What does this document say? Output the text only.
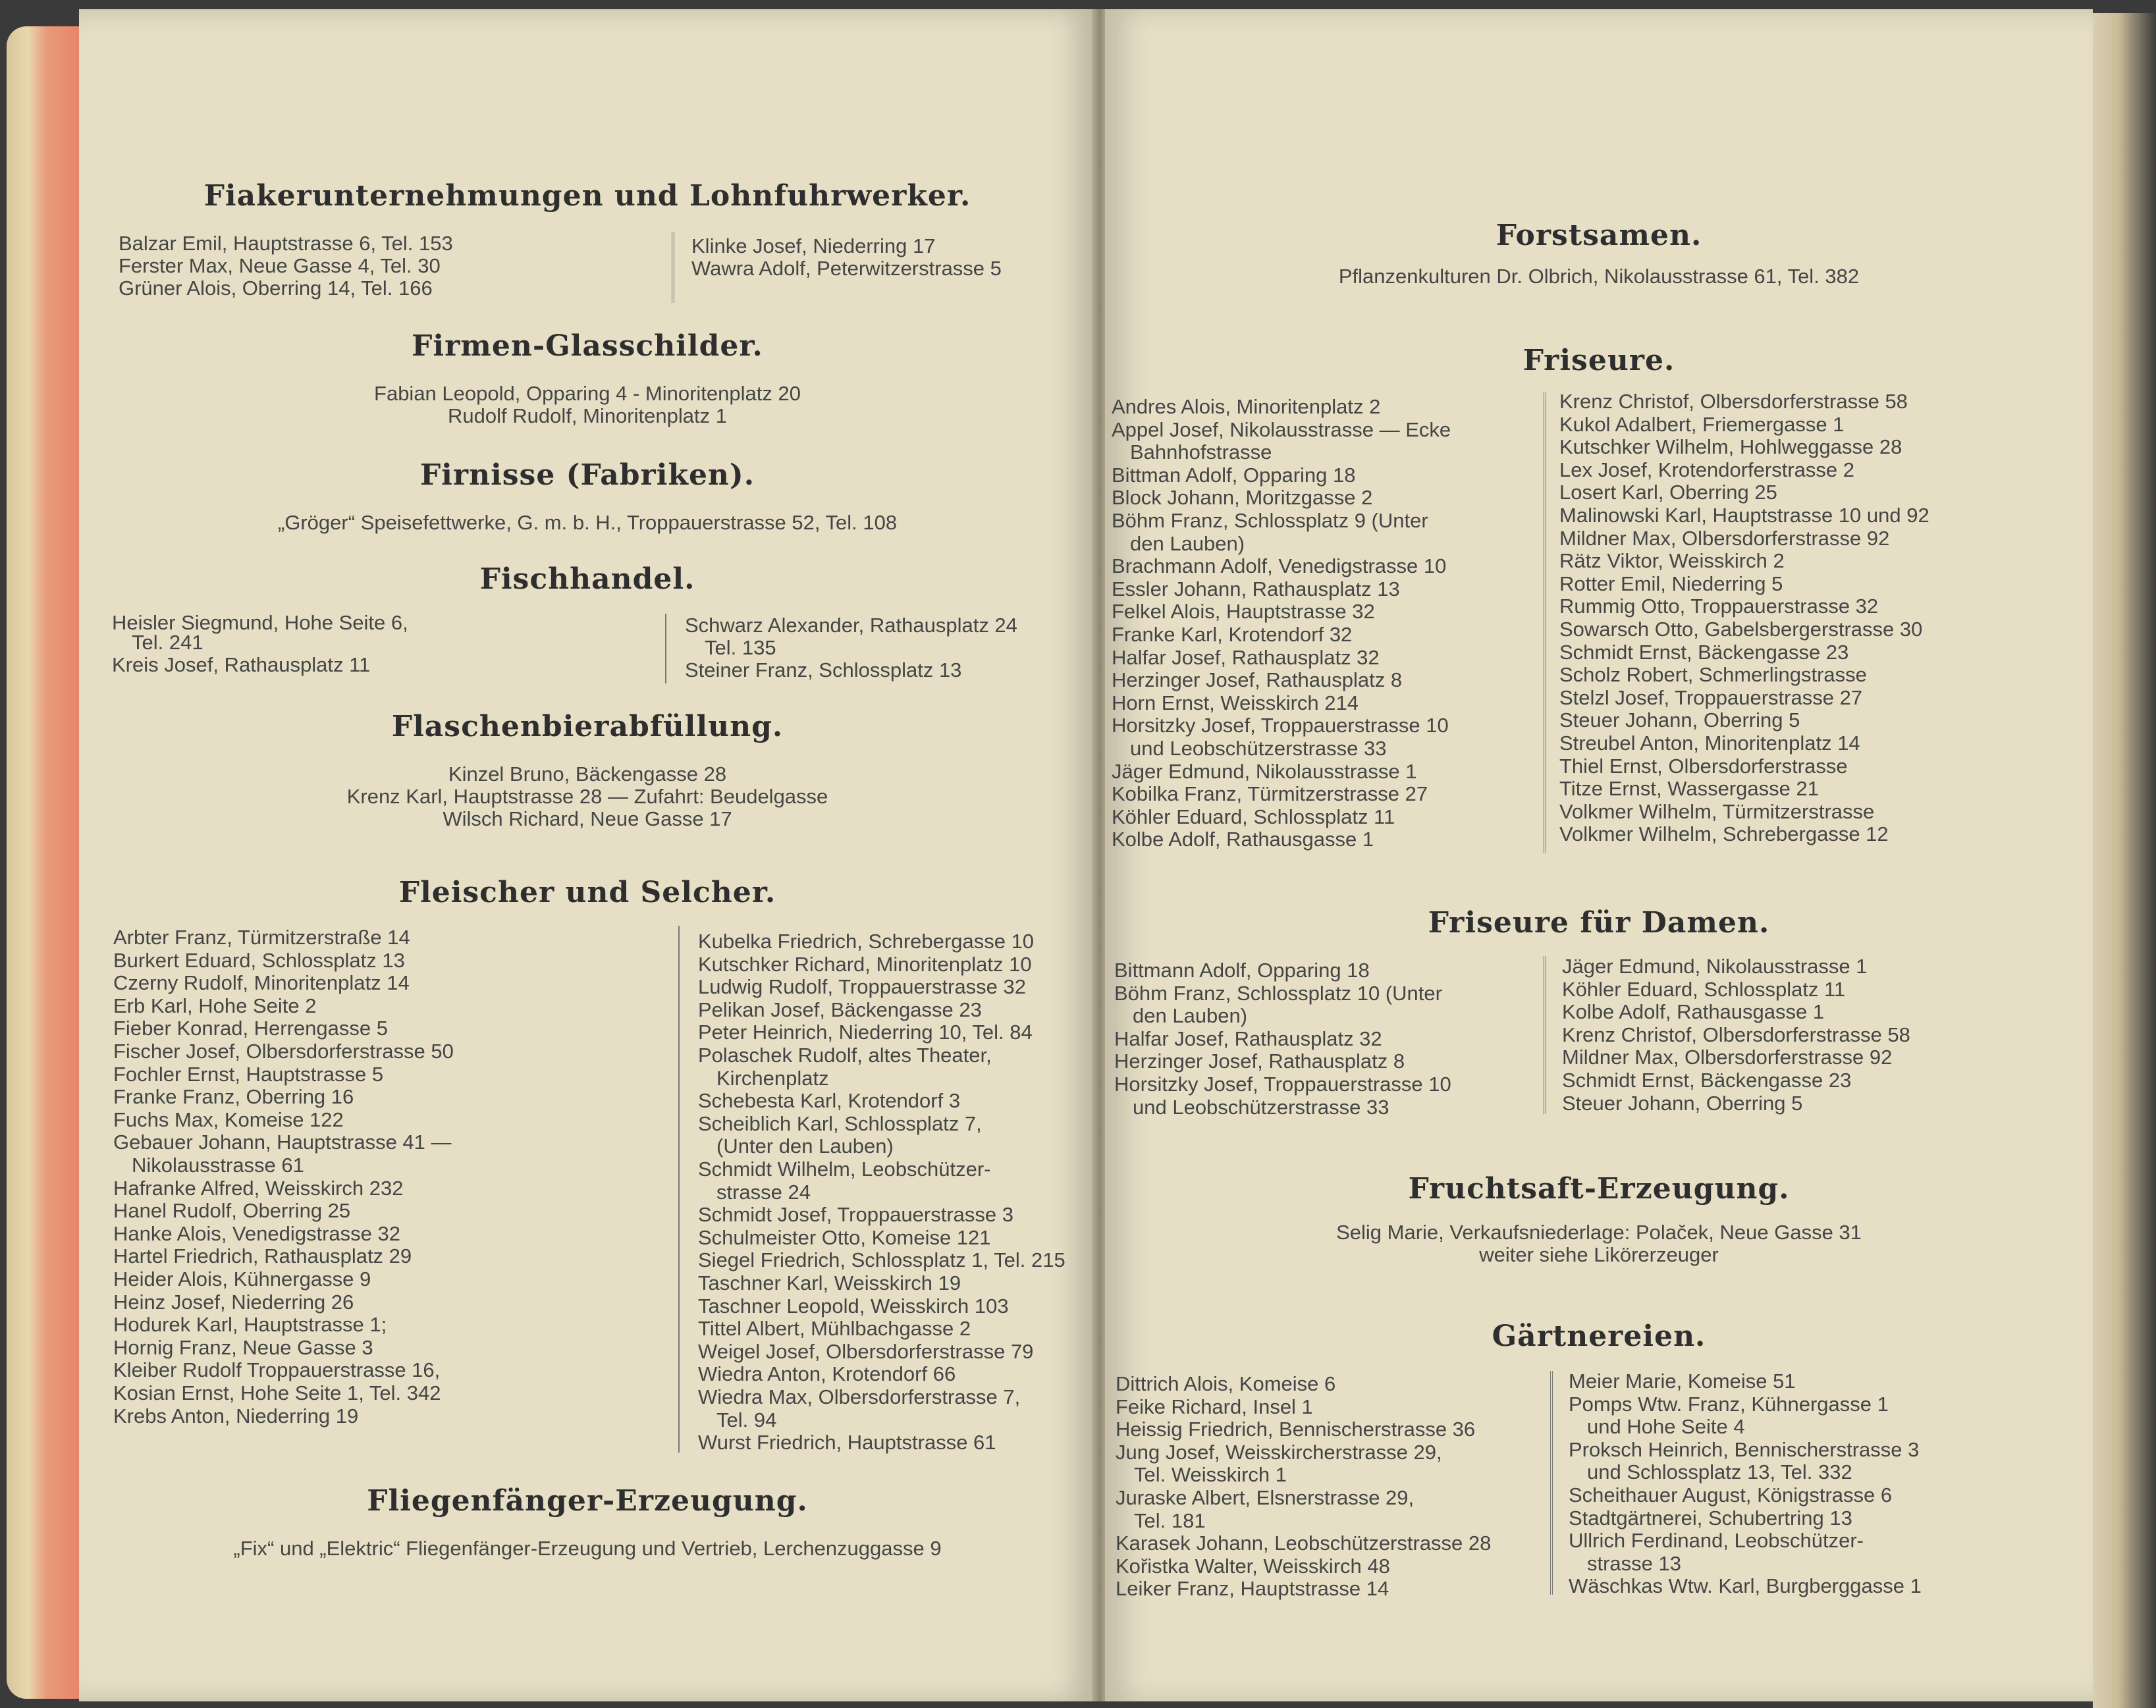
Fiakerunternehmungen und Lohnfuhrwerker.
Balzar Emil, Hauptstrasse 6, Tel. 153
Ferster Max, Neue Gasse 4, Tel. 30
Grüner Alois, Oberring 14, Tel. 166
Klinke Josef, Niederring 17
Wawra Adolf, Peterwitzerstrasse 5
Firmen-Glasschilder.
Fabian Leopold, Oppаring 4 - Minoritenplatz 20
Rudolf Rudolf, Minoritenplatz 1
Firnisse (Fabriken).
„Gröger“ Speisefettwerke, G. m. b. H., Troppauerstrasse 52, Tel. 108
Fischhandel.
Heisler Siegmund, Hohe Seite 6,
Tel. 241
Kreis Josef, Rathausplatz 11
Schwarz Alexander, Rathausplatz 24
Tel. 135
Steiner Franz, Schlossplatz 13
Flaschenbierabfüllung.
Kinzel Bruno, Bäckengasse 28
Krenz Karl, Hauptstrasse 28 — Zufahrt: Beudelgasse
Wilsch Richard, Neue Gasse 17
Fleischer und Selcher.
Arbter Franz, Türmitzerstraße 14
Burkert Eduard, Schlossplatz 13
Czerny Rudolf, Minoritenplatz 14
Erb Karl, Hohe Seite 2
Fieber Konrad, Herrengasse 5
Fischer Josef, Olbersdorferstrasse 50
Fochler Ernst, Hauptstrasse 5
Franke Franz, Oberring 16
Fuchs Max, Komeise 122
Gebauer Johann, Hauptstrasse 41 —
Nikolausstrasse 61
Hafranke Alfred, Weisskirch 232
Hanel Rudolf, Oberring 25
Hanke Alois, Venedigstrasse 32
Hartel Friedrich, Rathausplatz 29
Heider Alois, Kühnergasse 9
Heinz Josef, Niederring 26
Hodurek Karl, Hauptstrasse 1;
Hornig Franz, Neue Gasse 3
Kleiber Rudolf Troppauerstrasse 16,
Kosian Ernst, Hohe Seite 1, Tel. 342
Krebs Anton, Niederring 19
Kubelka Friedrich, Schrebergasse 10
Kutschker Richard, Minoritenplatz 10
Ludwig Rudolf, Troppauerstrasse 32
Pelikan Josef, Bäckengasse 23
Peter Heinrich, Niederring 10, Tel. 84
Polaschek Rudolf, altes Theater,
Kirchenplatz
Schebesta Karl, Krotendorf 3
Scheiblich Karl, Schlossplatz 7,
(Unter den Lauben)
Schmidt Wilhelm, Leobschützer-
strasse 24
Schmidt Josef, Troppauerstrasse 3
Schulmeister Otto, Komeise 121
Siegel Friedrich, Schlossplatz 1, Tel. 215
Taschner Karl, Weisskirch 19
Taschner Leopold, Weisskirch 103
Tittel Albert, Mühlbachgasse 2
Weigel Josef, Olbersdorferstrasse 79
Wiedra Anton, Krotendorf 66
Wiedra Max, Olbersdorferstrasse 7,
Tel. 94
Wurst Friedrich, Hauptstrasse 61
Fliegenfänger-Erzeugung.
„Fix“ und „Elektric“ Fliegenfänger-Erzeugung und Vertrieb, Lerchenzuggasse 9
Forstsamen.
Pflanzenkulturen Dr. Olbrich, Nikolausstrasse 61, Tel. 382
Friseure.
Andres Alois, Minoritenplatz 2
Appel Josef, Nikolausstrasse — Ecke
Bahnhofstrasse
Bittman Adolf, Opparing 18
Block Johann, Moritzgasse 2
Böhm Franz, Schlossplatz 9 (Unter
den Lauben)
Brachmann Adolf, Venedigstrasse 10
Essler Johann, Rathausplatz 13
Felkel Alois, Hauptstrasse 32
Franke Karl, Krotendorf 32
Halfar Josef, Rathausplatz 32
Herzinger Josef, Rathausplatz 8
Horn Ernst, Weisskirch 214
Horsitzky Josef, Troppauerstrasse 10
und Leobschützerstrasse 33
Jäger Edmund, Nikolausstrasse 1
Kobilka Franz, Türmitzerstrasse 27
Köhler Eduard, Schlossplatz 11
Kolbe Adolf, Rathausgasse 1
Krenz Christof, Olbersdorferstrasse 58
Kukol Adalbert, Friemergasse 1
Kutschker Wilhelm, Hohlweggasse 28
Lex Josef, Krotendorferstrasse 2
Losert Karl, Oberring 25
Malinowski Karl, Hauptstrasse 10 und 92
Mildner Max, Olbersdorferstrasse 92
Rätz Viktor, Weisskirch 2
Rotter Emil, Niederring 5
Rummig Otto, Troppauerstrasse 32
Sowarsch Otto, Gabelsbergerstrasse 30
Schmidt Ernst, Bäckengasse 23
Scholz Robert, Schmerlingstrasse
Stelzl Josef, Troppauerstrasse 27
Steuer Johann, Oberring 5
Streubel Anton, Minoritenplatz 14
Thiel Ernst, Olbersdorferstrasse
Titze Ernst, Wassergasse 21
Volkmer Wilhelm, Türmitzerstrasse
Volkmer Wilhelm, Schrebergasse 12
Friseure für Damen.
Bittmann Adolf, Opparing 18
Böhm Franz, Schlossplatz 10 (Unter
den Lauben)
Halfar Josef, Rathausplatz 32
Herzinger Josef, Rathausplatz 8
Horsitzky Josef, Troppauerstrasse 10
und Leobschützerstrasse 33
Jäger Edmund, Nikolausstrasse 1
Köhler Eduard, Schlossplatz 11
Kolbe Adolf, Rathausgasse 1
Krenz Christof, Olbersdorferstrasse 58
Mildner Max, Olbersdorferstrasse 92
Schmidt Ernst, Bäckengasse 23
Steuer Johann, Oberring 5
Fruchtsaft-Erzeugung.
Selig Marie, Verkaufsniederlage: Polaček, Neue Gasse 31
weiter siehe Likörerzeuger
Gärtnereien.
Dittrich Alois, Komeise 6
Feike Richard, Insel 1
Heissig Friedrich, Bennischerstrasse 36
Jung Josef, Weisskircherstrasse 29,
Tel. Weisskirch 1
Juraske Albert, Elsnerstrasse 29,
Tel. 181
Karasek Johann, Leobschützerstrasse 28
Kořistka Walter, Weisskirch 48
Leiker Franz, Hauptstrasse 14
Meier Marie, Komeise 51
Pomps Wtw. Franz, Kühnergasse 1
und Hohe Seite 4
Proksch Heinrich, Bennischerstrasse 3
und Schlossplatz 13, Tel. 332
Scheithauer August, Königstrasse 6
Stadtgärtnerei, Schubertring 13
Ullrich Ferdinand, Leobschützer-
strasse 13
Wäschkas Wtw. Karl, Burgberggasse 1
